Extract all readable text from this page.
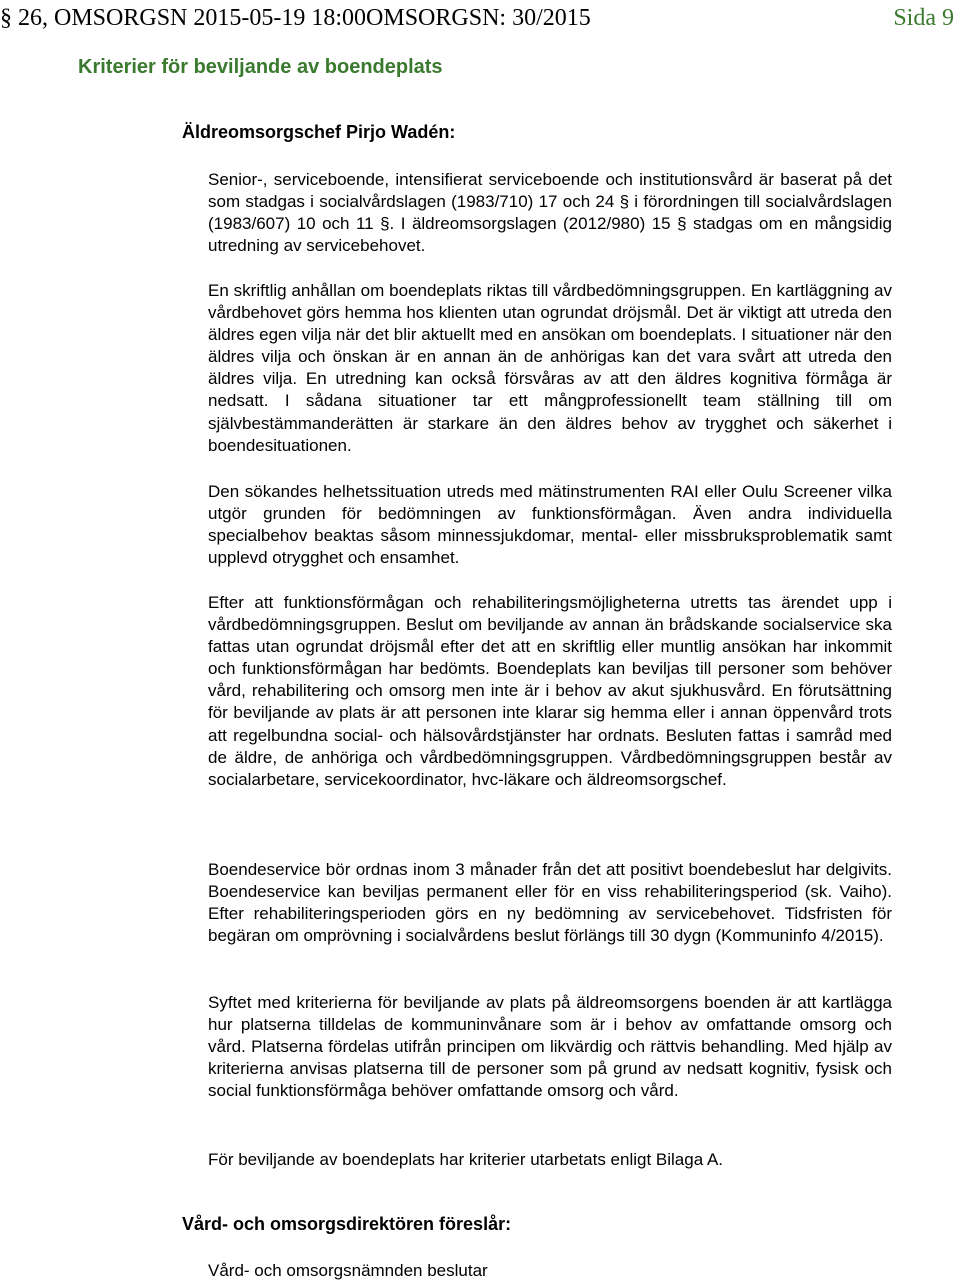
§ 26, OMSORGSN 2015-05-19 18:00OMSORGSN: 30/2015	Sida 9
Kriterier för beviljande av boendeplats
Äldreomsorgschef Pirjo Wadén:

Senior-, serviceboende, intensifierat serviceboende och institutionsvård är baserat på det som stadgas i socialvårdslagen (1983/710) 17 och 24 § i förordningen till socialvårdslagen (1983/607) 10 och 11 §. I äldreomsorgslagen (2012/980) 15 § stadgas om en mångsidig utredning av servicebehovet.

En skriftlig anhållan om boendeplats riktas till vårdbedömningsgruppen. En kartläggning av vårdbehovet görs hemma hos klienten utan ogrundat dröjsmål. Det är viktigt att utreda den äldres egen vilja när det blir aktuellt med en ansökan om boendeplats. I situationer när den äldres vilja och önskan är en annan än de anhörigas kan det vara svårt att utreda den äldres vilja. En utredning kan också försvåras av att den äldres kognitiva förmåga är nedsatt. I sådana situationer tar ett mångprofessionellt team ställning till om självbestämmanderätten är starkare än den äldres behov av trygghet och säkerhet i boendesituationen.

Den sökandes helhetssituation utreds med mätinstrumenten RAI eller Oulu Screener vilka utgör grunden för bedömningen av funktionsförmågan. Även andra individuella specialbehov beaktas såsom minnessjukdomar, mental- eller missbruksproblematik samt upplevd otrygghet och ensamhet.

Efter att funktionsförmågan och rehabiliteringsmöjligheterna utretts tas ärendet upp i vårdbedömningsgruppen. Beslut om beviljande av annan än brådskande socialservice ska fattas utan ogrundat dröjsmål efter det att en skriftlig eller muntlig ansökan har inkommit och funktionsförmågan har bedömts. Boendeplats kan beviljas till personer som behöver vård, rehabilitering och omsorg men inte är i behov av akut sjukhusvård. En förutsättning för beviljande av plats är att personen inte klarar sig hemma eller i annan öppenvård trots att regelbundna social- och hälsovårdstjänster har ordnats. Besluten fattas i samråd med de äldre, de anhöriga och vårdbedömningsgruppen. Vårdbedömningsgruppen består av socialarbetare, servicekoordinator, hvc-läkare och äldreomsorgschef.

Boendeservice bör ordnas inom 3 månader från det att positivt boendebeslut har delgivits. Boendeservice kan beviljas permanent eller för en viss rehabiliteringsperiod (sk. Vaiho). Efter rehabiliteringsperioden görs en ny bedömning av servicebehovet. Tidsfristen för begäran om omprövning i socialvårdens beslut förlängs till 30 dygn (Kommuninfo 4/2015).

Syftet med kriterierna för beviljande av plats på äldreomsorgens boenden är att kartlägga hur platserna tilldelas de kommuninvånare som är i behov av omfattande omsorg och vård. Platserna fördelas utifrån principen om likvärdig och rättvis behandling. Med hjälp av kriterierna anvisas platserna till de personer som på grund av nedsatt kognitiv, fysisk och social funktionsförmåga behöver omfattande omsorg och vård.

För beviljande av boendeplats har kriterier utarbetats enligt Bilaga A.

Vård- och omsorgsdirektören föreslår:
Vård- och omsorgsnämnden beslutar
